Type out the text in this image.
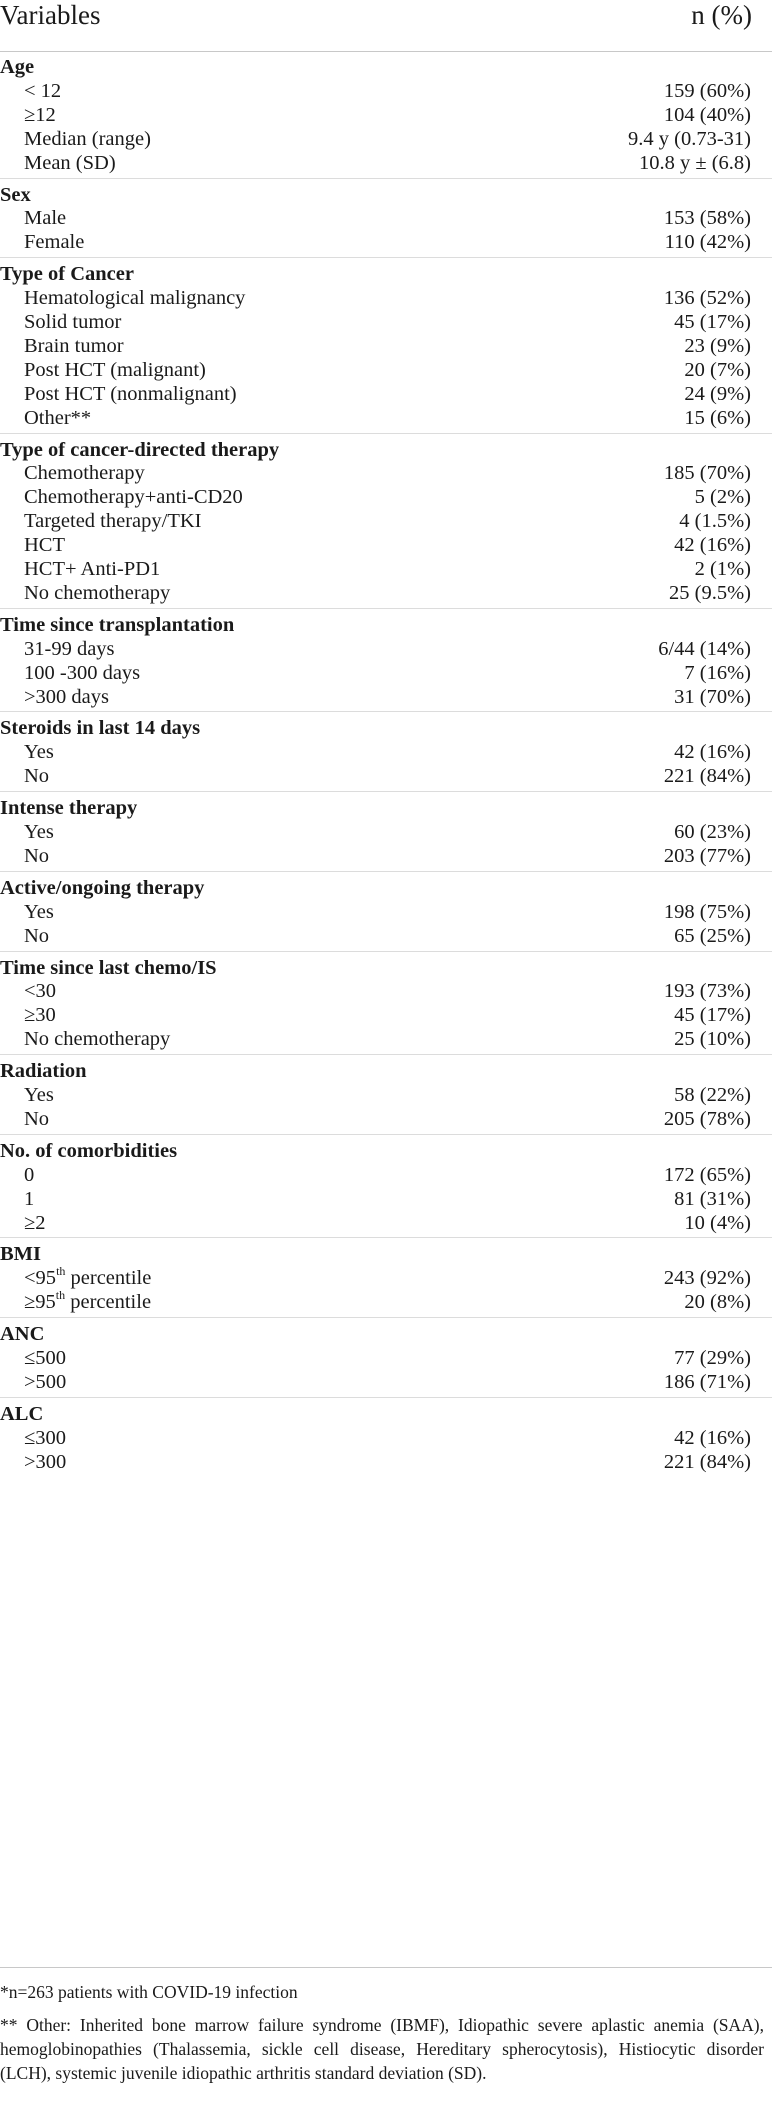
Variables	n (%)
Age
< 12	159 (60%)
≥12	104 (40%)
Median (range)	9.4 y (0.73-31)
Mean (SD)	10.8 y ± (6.8)
Sex
Male	153 (58%)
Female	110 (42%)
Type of Cancer
Hematological malignancy	136 (52%)
Solid tumor	45 (17%)
Brain tumor	23 (9%)
Post HCT (malignant)	20 (7%)
Post HCT (nonmalignant)	24 (9%)
Other**	15 (6%)
Type of cancer-directed therapy
Chemotherapy	185 (70%)
Chemotherapy+anti-CD20	5 (2%)
Targeted therapy/TKI	4 (1.5%)
HCT	42 (16%)
HCT+ Anti-PD1	2 (1%)
No chemotherapy	25 (9.5%)
Time since transplantation
31-99 days	6/44 (14%)
100 -300 days	7 (16%)
>300 days	31 (70%)
Steroids in last 14 days
Yes	42 (16%)
No	221 (84%)
Intense therapy
Yes	60 (23%)
No	203 (77%)
Active/ongoing therapy
Yes	198 (75%)
No	65 (25%)
Time since last chemo/IS
<30	193 (73%)
≥30	45 (17%)
No chemotherapy	25 (10%)
Radiation
Yes	58 (22%)
No	205 (78%)
No. of comorbidities
0	172 (65%)
1	81 (31%)
≥2	10 (4%)
BMI
<95th percentile	243 (92%)
≥95th percentile	20 (8%)
ANC
≤500	77 (29%)
>500	186 (71%)
ALC
≤300	42 (16%)
>300	221 (84%)
*n=263 patients with COVID-19 infection
** Other: Inherited bone marrow failure syndrome (IBMF), Idiopathic severe aplastic anemia (SAA), hemoglobinopathies (Thalassemia, sickle cell disease, Hereditary spherocytosis), Histiocytic disorder (LCH), systemic juvenile idiopathic arthritis standard deviation (SD).
